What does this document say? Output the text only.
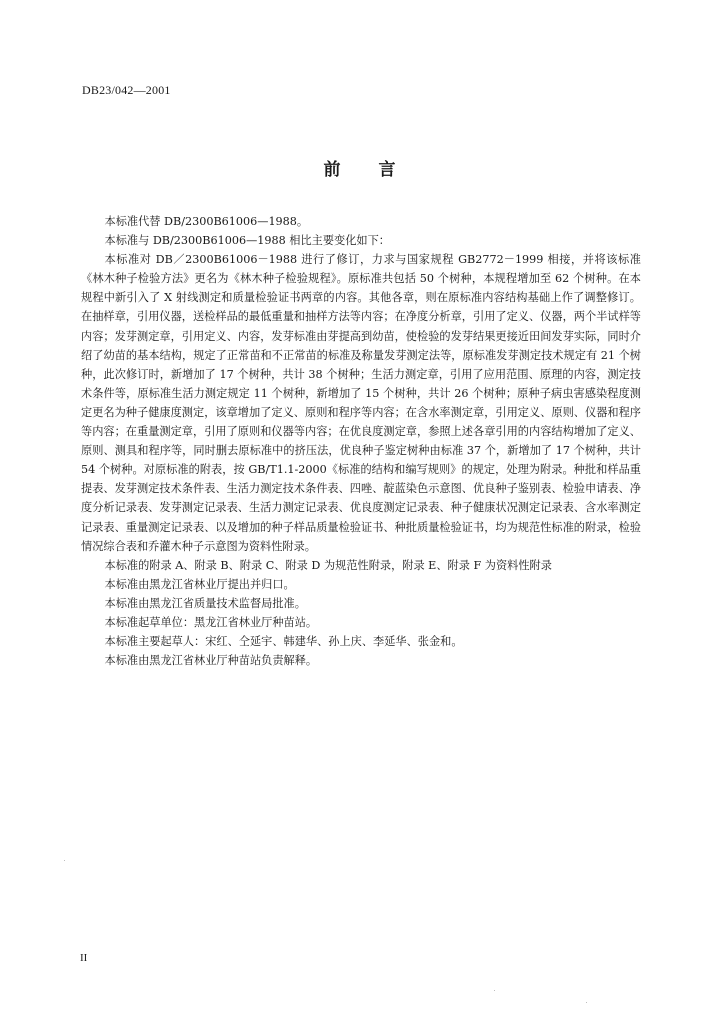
DB23/042—2001
前 言

本标准代替 DB/2300B61006—1988。

本标准与 DB/2300B61006—1988 相比主要变化如下：

本标准对 DB／2300B61006－1988 进行了修订，力求与国家规程 GB2772－1999 相接，并将该标准《林木种子检验方法》更名为《林木种子检验规程》。原标准共包括 50 个树种，本规程增加至 62 个树种。在本规程中新引入了 X 射线测定和质量检验证书两章的内容。其他各章，则在原标准内容结构基础上作了调整修订。在抽样章，引用仪器，送检样品的最低重量和抽样方法等内容；在净度分析章，引用了定义、仪器，两个半试样等内容；发芽测定章，引用定义、内容，发芽标准由芽提高到幼苗，使检验的发芽结果更接近田间发芽实际，同时介绍了幼苗的基本结构，规定了正常苗和不正常苗的标准及称量发芽测定法等，原标准发芽测定技术规定有 21 个树种，此次修订时，新增加了 17 个树种，共计 38 个树种；生活力测定章，引用了应用范围、原理的内容，测定技术条件等，原标准生活力测定规定 11 个树种，新增加了 15 个树种，共计 26 个树种；原种子病虫害感染程度测定更名为种子健康度测定，该章增加了定义、原则和程序等内容；在含水率测定章，引用定义、原则、仪器和程序等内容；在重量测定章，引用了原则和仪器等内容；在优良度测定章，参照上述各章引用的内容结构增加了定义、原则、测具和程序等，同时删去原标准中的挤压法，优良种子鉴定树种由标准 37 个，新增加了 17 个树种，共计 54 个树种。对原标准的附表，按 GB/T1.1-2000《标准的结构和编写规则》的规定，处理为附录。种批和样品重提表、发芽测定技术条件表、生活力测定技术条件表、四唑、靛蓝染色示意图、优良种子鉴别表、检验申请表、净度分析记录表、发芽测定记录表、生活力测定记录表、优良度测定记录表、种子健康状况测定记录表、含水率测定记录表、重量测定记录表、以及增加的种子样品质量检验证书、种批质量检验证书，均为规范性标准的附录，检验情况综合表和乔灌木种子示意图为资料性附录。

本标准的附录 A、附录 B、附录 C、附录 D 为规范性附录，附录 E、附录 F 为资料性附录

本标准由黑龙江省林业厅提出并归口。

本标准由黑龙江省质量技术监督局批准。

本标准起草单位：黑龙江省林业厅种苗站。

本标准主要起草人：宋红、仝延宇、韩建华、孙上庆、李延华、张金和。

本标准由黑龙江省林业厅种苗站负责解释。

II
